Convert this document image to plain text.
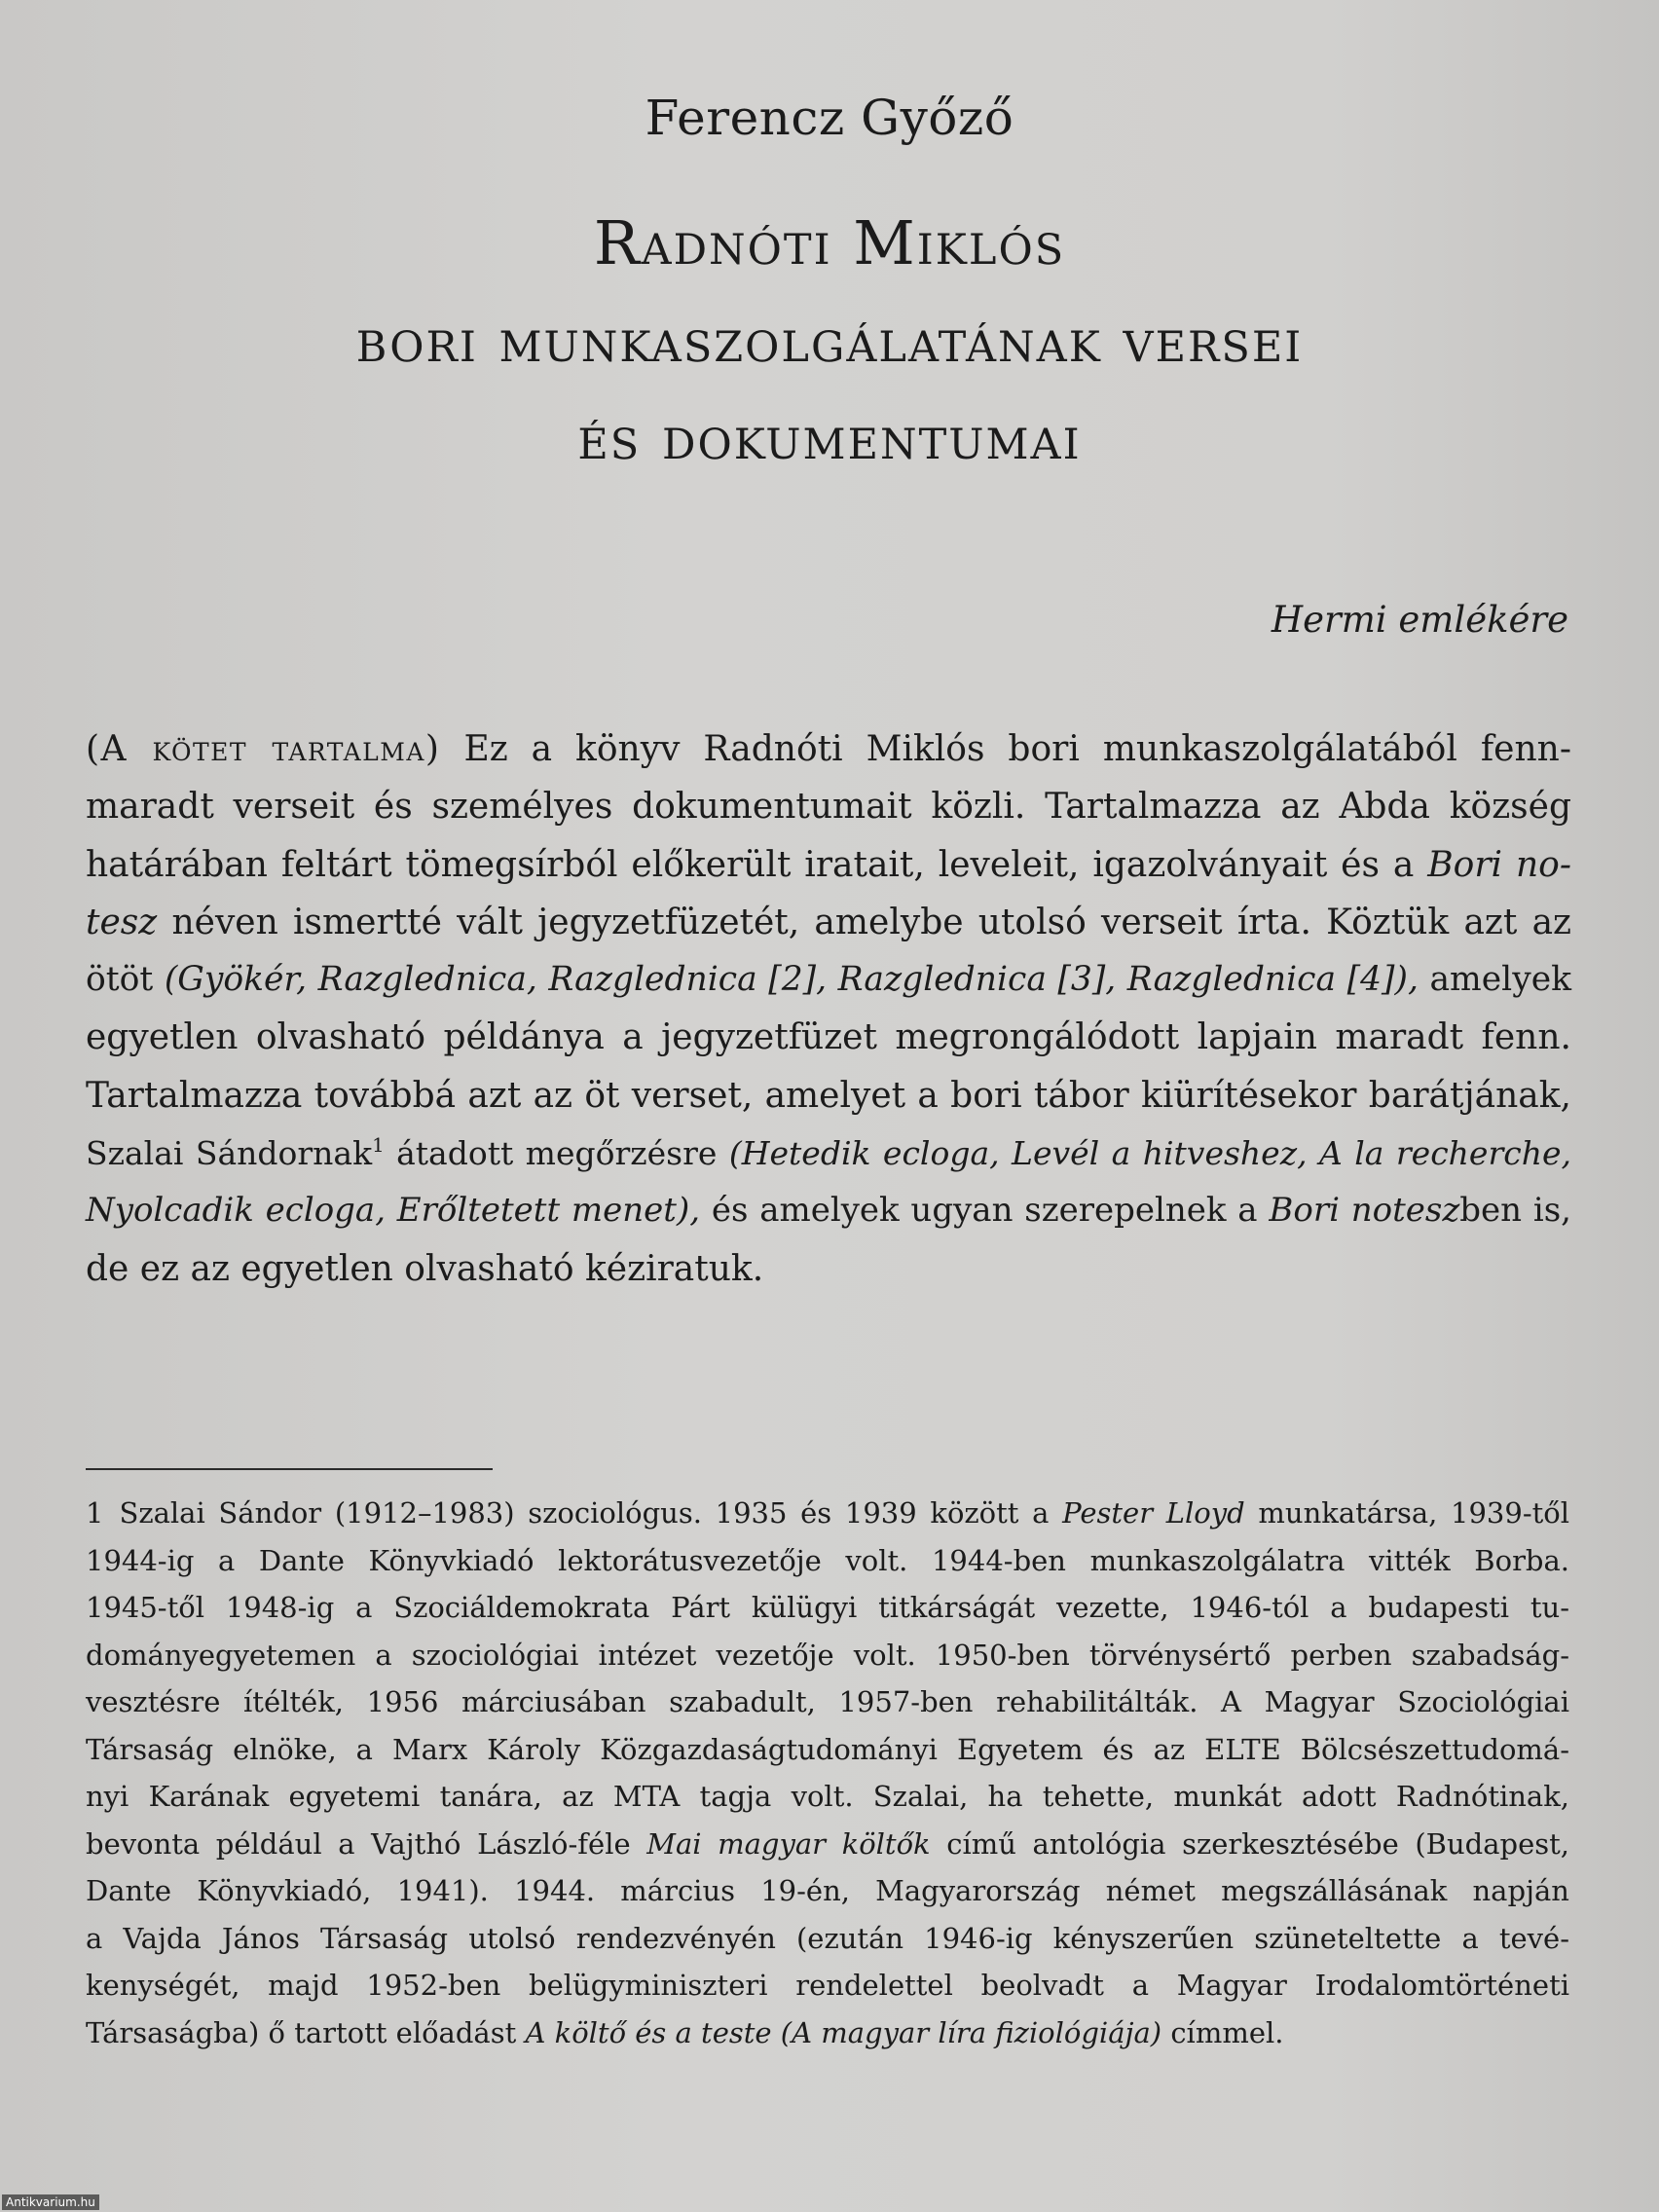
Ferencz Győző
Radnóti Miklós
bori munkaszolgálatának versei
és dokumentumai
Hermi emlékére
(A kötet tartalma) Ez a könyv Radnóti Miklós bori munkaszolgálatából fenn-
maradt verseit és személyes dokumentumait közli. Tartalmazza az Abda község
határában feltárt tömegsírból előkerült iratait, leveleit, igazolványait és a Bori no-
tesz néven ismertté vált jegyzetfüzetét, amelybe utolsó verseit írta. Köztük azt az
ötöt (Gyökér, Razglednica, Razglednica [2], Razglednica [3], Razglednica [4]), amelyek
egyetlen olvasható példánya a jegyzetfüzet megrongálódott lapjain maradt fenn.
Tartalmazza továbbá azt az öt verset, amelyet a bori tábor kiürítésekor barátjának,
Szalai Sándornak$^1$ átadott megőrzésre (Hetedik ecloga, Levél a hitveshez, A la recherche,
Nyolcadik ecloga, Erőltetett menet), és amelyek ugyan szerepelnek a Bori noteszben is,
de ez az egyetlen olvasható kéziratuk.
1 Szalai Sándor (1912–1983) szociológus. 1935 és 1939 között a Pester Lloyd munkatársa, 1939-től
1944-ig a Dante Könyvkiadó lektorátusvezetője volt. 1944-ben munkaszolgálatra vitték Borba.
1945-től 1948-ig a Szociáldemokrata Párt külügyi titkárságát vezette, 1946-tól a budapesti tu-
dományegyetemen a szociológiai intézet vezetője volt. 1950-ben törvénysértő perben szabadság-
vesztésre ítélték, 1956 márciusában szabadult, 1957-ben rehabilitálták. A Magyar Szociológiai
Társaság elnöke, a Marx Károly Közgazdaságtudományi Egyetem és az ELTE Bölcsészettudomá-
nyi Karának egyetemi tanára, az MTA tagja volt. Szalai, ha tehette, munkát adott Radnótinak,
bevonta például a Vajthó László-féle Mai magyar költők című antológia szerkesztésébe (Budapest,
Dante Könyvkiadó, 1941). 1944. március 19-én, Magyarország német megszállásának napján
a Vajda János Társaság utolsó rendezvényén (ezután 1946-ig kényszerűen szüneteltette a tevé-
kenységét, majd 1952-ben belügyminiszteri rendelettel beolvadt a Magyar Irodalomtörténeti
Társaságba) ő tartott előadást A költő és a teste (A magyar líra fiziológiája) címmel.
Antikvarium.hu
